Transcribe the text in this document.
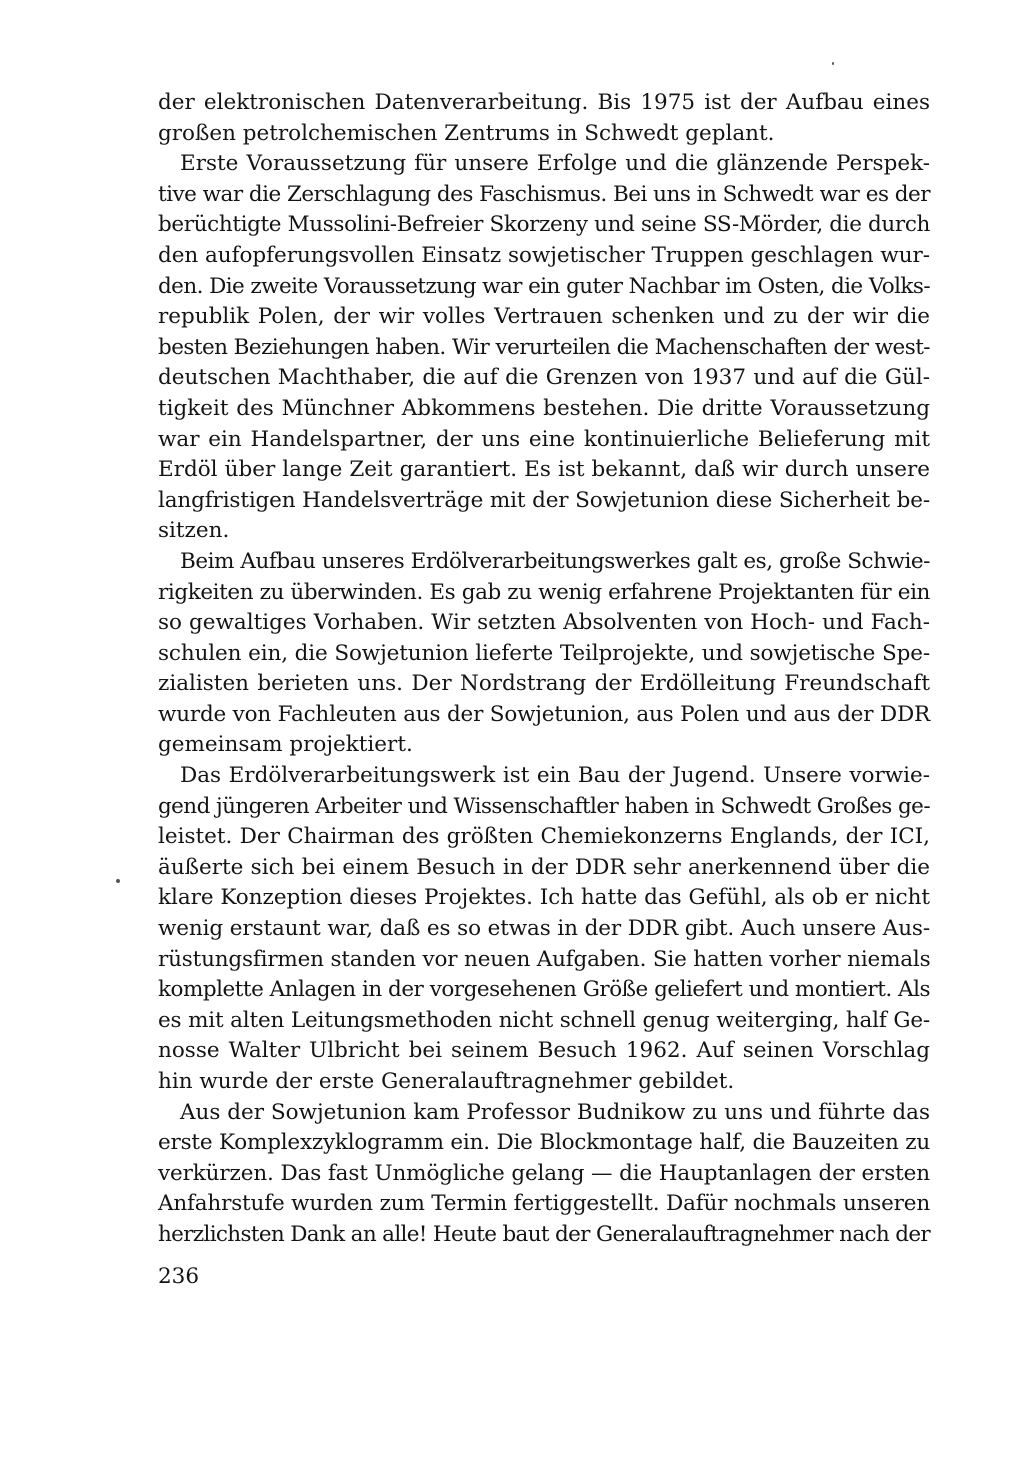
der elektronischen Datenverarbeitung. Bis 1975 ist der Aufbau eines
großen petrolchemischen Zentrums in Schwedt geplant.
Erste Voraussetzung für unsere Erfolge und die glänzende Perspek-
tive war die Zerschlagung des Faschismus. Bei uns in Schwedt war es der
berüchtigte Mussolini-Befreier Skorzeny und seine SS-Mörder, die durch
den aufopferungsvollen Einsatz sowjetischer Truppen geschlagen wur-
den. Die zweite Voraussetzung war ein guter Nachbar im Osten, die Volks-
republik Polen, der wir volles Vertrauen schenken und zu der wir die
besten Beziehungen haben. Wir verurteilen die Machenschaften der west-
deutschen Machthaber, die auf die Grenzen von 1937 und auf die Gül-
tigkeit des Münchner Abkommens bestehen. Die dritte Voraussetzung
war ein Handelspartner, der uns eine kontinuierliche Belieferung mit
Erdöl über lange Zeit garantiert. Es ist bekannt, daß wir durch unsere
langfristigen Handelsverträge mit der Sowjetunion diese Sicherheit be-
sitzen.
Beim Aufbau unseres Erdölverarbeitungswerkes galt es, große Schwie-
rigkeiten zu überwinden. Es gab zu wenig erfahrene Projektanten für ein
so gewaltiges Vorhaben. Wir setzten Absolventen von Hoch- und Fach-
schulen ein, die Sowjetunion lieferte Teilprojekte, und sowjetische Spe-
zialisten berieten uns. Der Nordstrang der Erdölleitung Freundschaft
wurde von Fachleuten aus der Sowjetunion, aus Polen und aus der DDR
gemeinsam projektiert.
Das Erdölverarbeitungswerk ist ein Bau der Jugend. Unsere vorwie-
gend jüngeren Arbeiter und Wissenschaftler haben in Schwedt Großes ge-
leistet. Der Chairman des größten Chemiekonzerns Englands, der ICI,
äußerte sich bei einem Besuch in der DDR sehr anerkennend über die
klare Konzeption dieses Projektes. Ich hatte das Gefühl, als ob er nicht
wenig erstaunt war, daß es so etwas in der DDR gibt. Auch unsere Aus-
rüstungsfirmen standen vor neuen Aufgaben. Sie hatten vorher niemals
komplette Anlagen in der vorgesehenen Größe geliefert und montiert. Als
es mit alten Leitungsmethoden nicht schnell genug weiterging, half Ge-
nosse Walter Ulbricht bei seinem Besuch 1962. Auf seinen Vorschlag
hin wurde der erste Generalauftragnehmer gebildet.
Aus der Sowjetunion kam Professor Budnikow zu uns und führte das
erste Komplexzyklogramm ein. Die Blockmontage half, die Bauzeiten zu
verkürzen. Das fast Unmögliche gelang — die Hauptanlagen der ersten
Anfahrstufe wurden zum Termin fertiggestellt. Dafür nochmals unseren
herzlichsten Dank an alle! Heute baut der Generalauftragnehmer nach der
236
